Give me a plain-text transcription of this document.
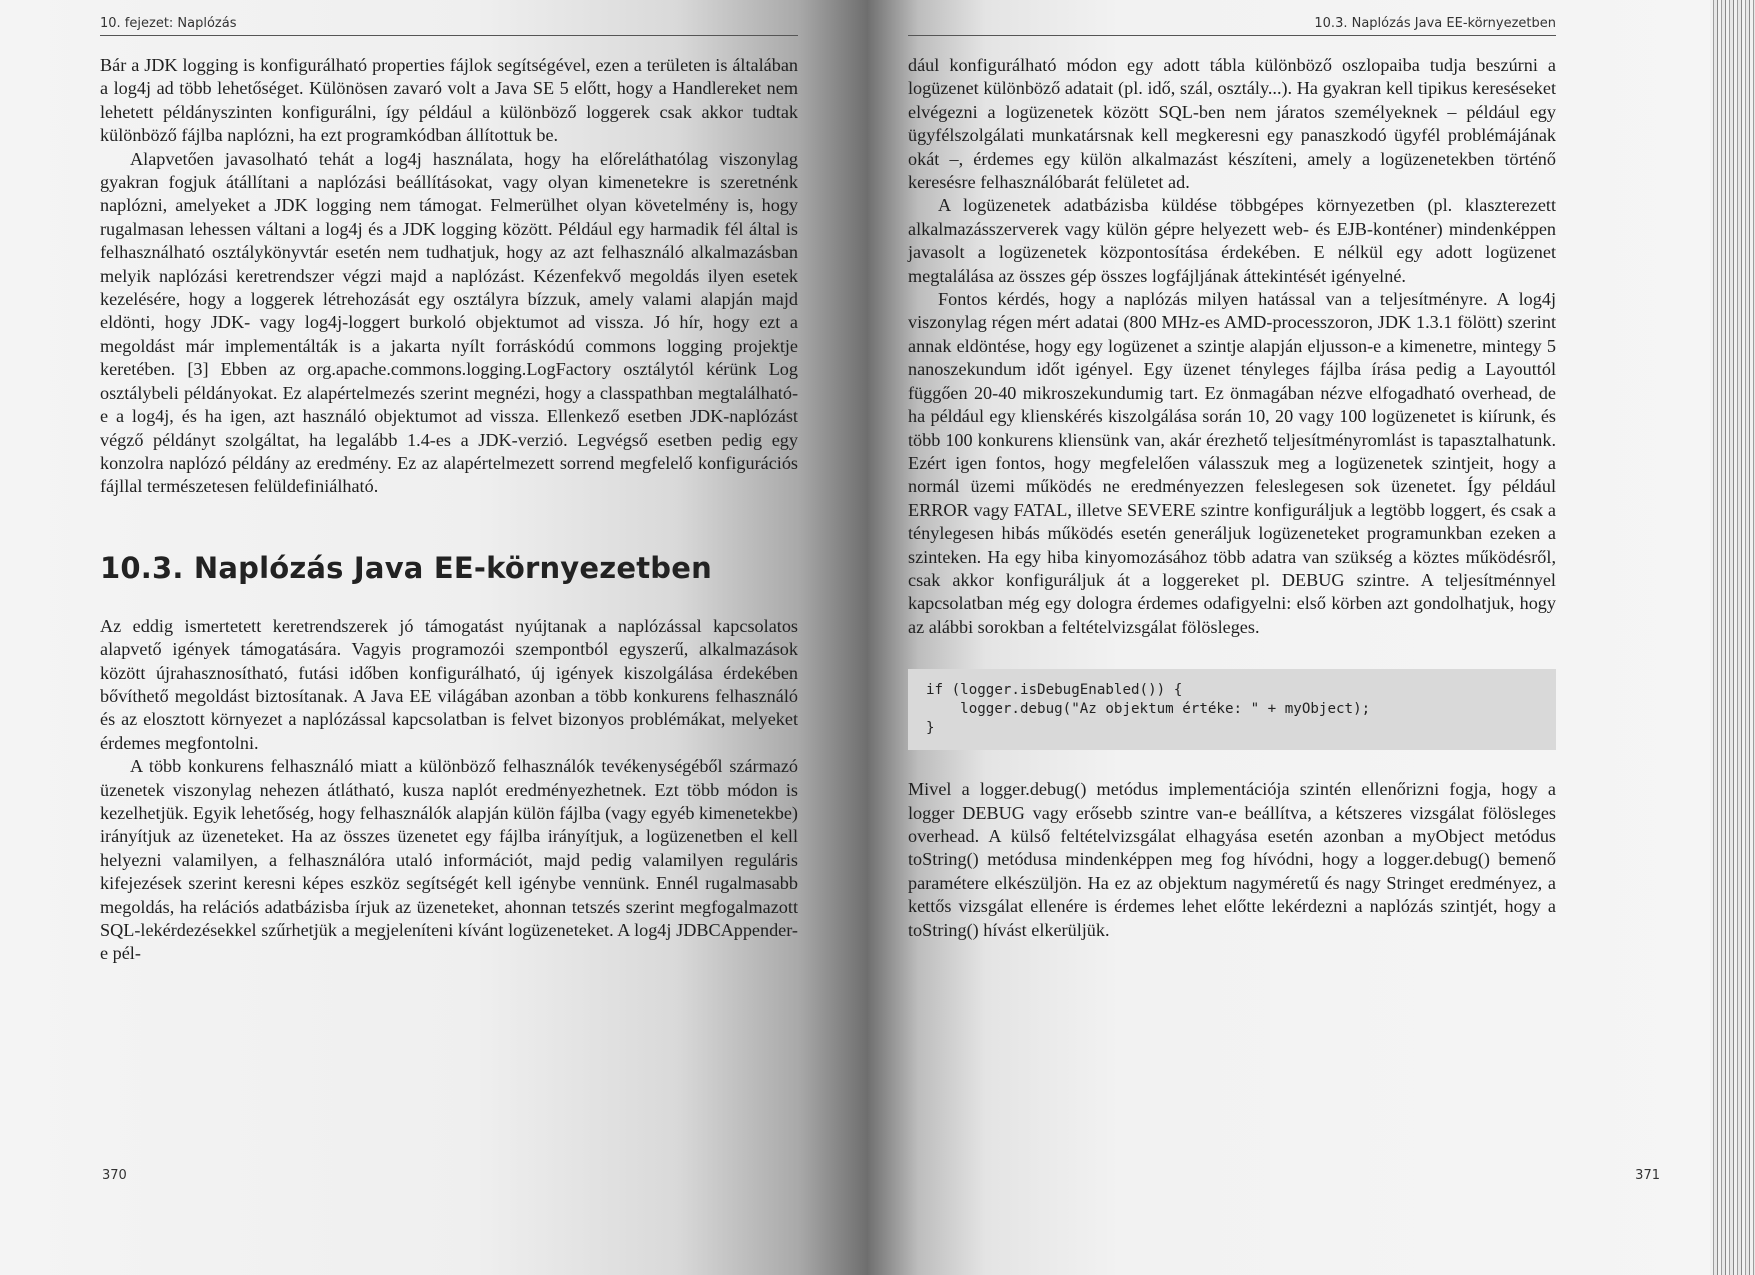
10. fejezet: Naplózás

Bár a JDK logging is konfigurálható properties fájlok segítségével, ezen a területen is általában a log4j ad több lehetőséget. Különösen zavaró volt a Java SE 5 előtt, hogy a Handlereket nem lehetett példányszinten konfigurálni, így például a különböző loggerek csak akkor tudtak különböző fájlba naplózni, ha ezt programkódban állítottuk be.

Alapvetően javasolható tehát a log4j használata, hogy ha előreláthatólag viszonylag gyakran fogjuk átállítani a naplózási beállításokat, vagy olyan kimenetekre is szeretnénk naplózni, amelyeket a JDK logging nem támogat. Felmerülhet olyan követelmény is, hogy rugalmasan lehessen váltani a log4j és a JDK logging között. Például egy harmadik fél által is felhasználható osztálykönyvtár esetén nem tudhatjuk, hogy az azt felhasználó alkalmazásban melyik naplózási keretrendszer végzi majd a naplózást. Kézenfekvő megoldás ilyen esetek kezelésére, hogy a loggerek létrehozását egy osztályra bízzuk, amely valami alapján majd eldönti, hogy JDK- vagy log4j-loggert burkoló objektumot ad vissza. Jó hír, hogy ezt a megoldást már implementálták is a jakarta nyílt forráskódú commons logging projektje keretében. [3] Ebben az org.apache.commons.logging.LogFactory osztálytól kérünk Log osztálybeli példányokat. Ez alapértelmezés szerint megnézi, hogy a classpathban megtalálható-e a log4j, és ha igen, azt használó objektumot ad vissza. Ellenkező esetben JDK-naplózást végző példányt szolgáltat, ha legalább 1.4-es a JDK-verzió. Legvégső esetben pedig egy konzolra naplózó példány az eredmény. Ez az alapértelmezett sorrend megfelelő konfigurációs fájllal természetesen felüldefiniálható.

10.3. Naplózás Java EE-környezetben

Az eddig ismertetett keretrendszerek jó támogatást nyújtanak a naplózással kapcsolatos alapvető igények támogatására. Vagyis programozói szempontból egyszerű, alkalmazások között újrahasznosítható, futási időben konfigurálható, új igények kiszolgálása érdekében bővíthető megoldást biztosítanak. A Java EE világában azonban a több konkurens felhasználó és az elosztott környezet a naplózással kapcsolatban is felvet bizonyos problémákat, melyeket érdemes megfontolni.

A több konkurens felhasználó miatt a különböző felhasználók tevékenységéből származó üzenetek viszonylag nehezen átlátható, kusza naplót eredményezhetnek. Ezt több módon is kezelhetjük. Egyik lehetőség, hogy felhasználók alapján külön fájlba (vagy egyéb kimenetekbe) irányítjuk az üzeneteket. Ha az összes üzenetet egy fájlba irányítjuk, a logüzenetben el kell helyezni valamilyen, a felhasználóra utaló információt, majd pedig valamilyen reguláris kifejezések szerint keresni képes eszköz segítségét kell igénybe vennünk. Ennél rugalmasabb megoldás, ha relációs adatbázisba írjuk az üzeneteket, ahonnan tetszés szerint megfogalmazott SQL-lekérdezésekkel szűrhetjük a megjeleníteni kívánt logüzeneteket. A log4j JDBCAppender-e pél-

370
10.3. Naplózás Java EE-környezetben

dául konfigurálható módon egy adott tábla különböző oszlopaiba tudja beszúrni a logüzenet különböző adatait (pl. idő, szál, osztály...). Ha gyakran kell tipikus kereséseket elvégezni a logüzenetek között SQL-ben nem járatos személyeknek – például egy ügyfélszolgálati munkatársnak kell megkeresni egy panaszkodó ügyfél problémájának okát –, érdemes egy külön alkalmazást készíteni, amely a logüzenetekben történő keresésre felhasználóbarát felületet ad.

A logüzenetek adatbázisba küldése többgépes környezetben (pl. klaszterezett alkalmazásszerverek vagy külön gépre helyezett web- és EJB-konténer) mindenképpen javasolt a logüzenetek központosítása érdekében. E nélkül egy adott logüzenet megtalálása az összes gép összes logfájljának áttekintését igényelné.

Fontos kérdés, hogy a naplózás milyen hatással van a teljesítményre. A log4j viszonylag régen mért adatai (800 MHz-es AMD-processzoron, JDK 1.3.1 fölött) szerint annak eldöntése, hogy egy logüzenet a szintje alapján eljusson-e a kimenetre, mintegy 5 nanoszekundum időt igényel. Egy üzenet tényleges fájlba írása pedig a Layouttól függően 20-40 mikroszekundumig tart. Ez önmagában nézve elfogadható overhead, de ha például egy klienskérés kiszolgálása során 10, 20 vagy 100 logüzenetet is kiírunk, és több 100 konkurens kliensünk van, akár érezhető teljesítményromlást is tapasztalhatunk. Ezért igen fontos, hogy megfelelően válasszuk meg a logüzenetek szintjeit, hogy a normál üzemi működés ne eredményezzen feleslegesen sok üzenetet. Így például ERROR vagy FATAL, illetve SEVERE szintre konfiguráljuk a legtöbb loggert, és csak a ténylegesen hibás működés esetén generáljuk logüzeneteket programunkban ezeken a szinteken. Ha egy hiba kinyomozásához több adatra van szükség a köztes működésről, csak akkor konfiguráljuk át a loggereket pl. DEBUG szintre. A teljesítménnyel kapcsolatban még egy dologra érdemes odafigyelni: első körben azt gondolhatjuk, hogy az alábbi sorokban a feltételvizsgálat fölösleges.

if (logger.isDebugEnabled()) {
logger.debug("Az objektum értéke: " + myObject);
}

Mivel a logger.debug() metódus implementációja szintén ellenőrizni fogja, hogy a logger DEBUG vagy erősebb szintre van-e beállítva, a kétszeres vizsgálat fölösleges overhead. A külső feltételvizsgálat elhagyása esetén azonban a myObject metódus toString() metódusa mindenképpen meg fog hívódni, hogy a logger.debug() bemenő paramétere elkészüljön. Ha ez az objektum nagyméretű és nagy Stringet eredményez, a kettős vizsgálat ellenére is érdemes lehet előtte lekérdezni a naplózás szintjét, hogy a toString() hívást elkerüljük.

371
